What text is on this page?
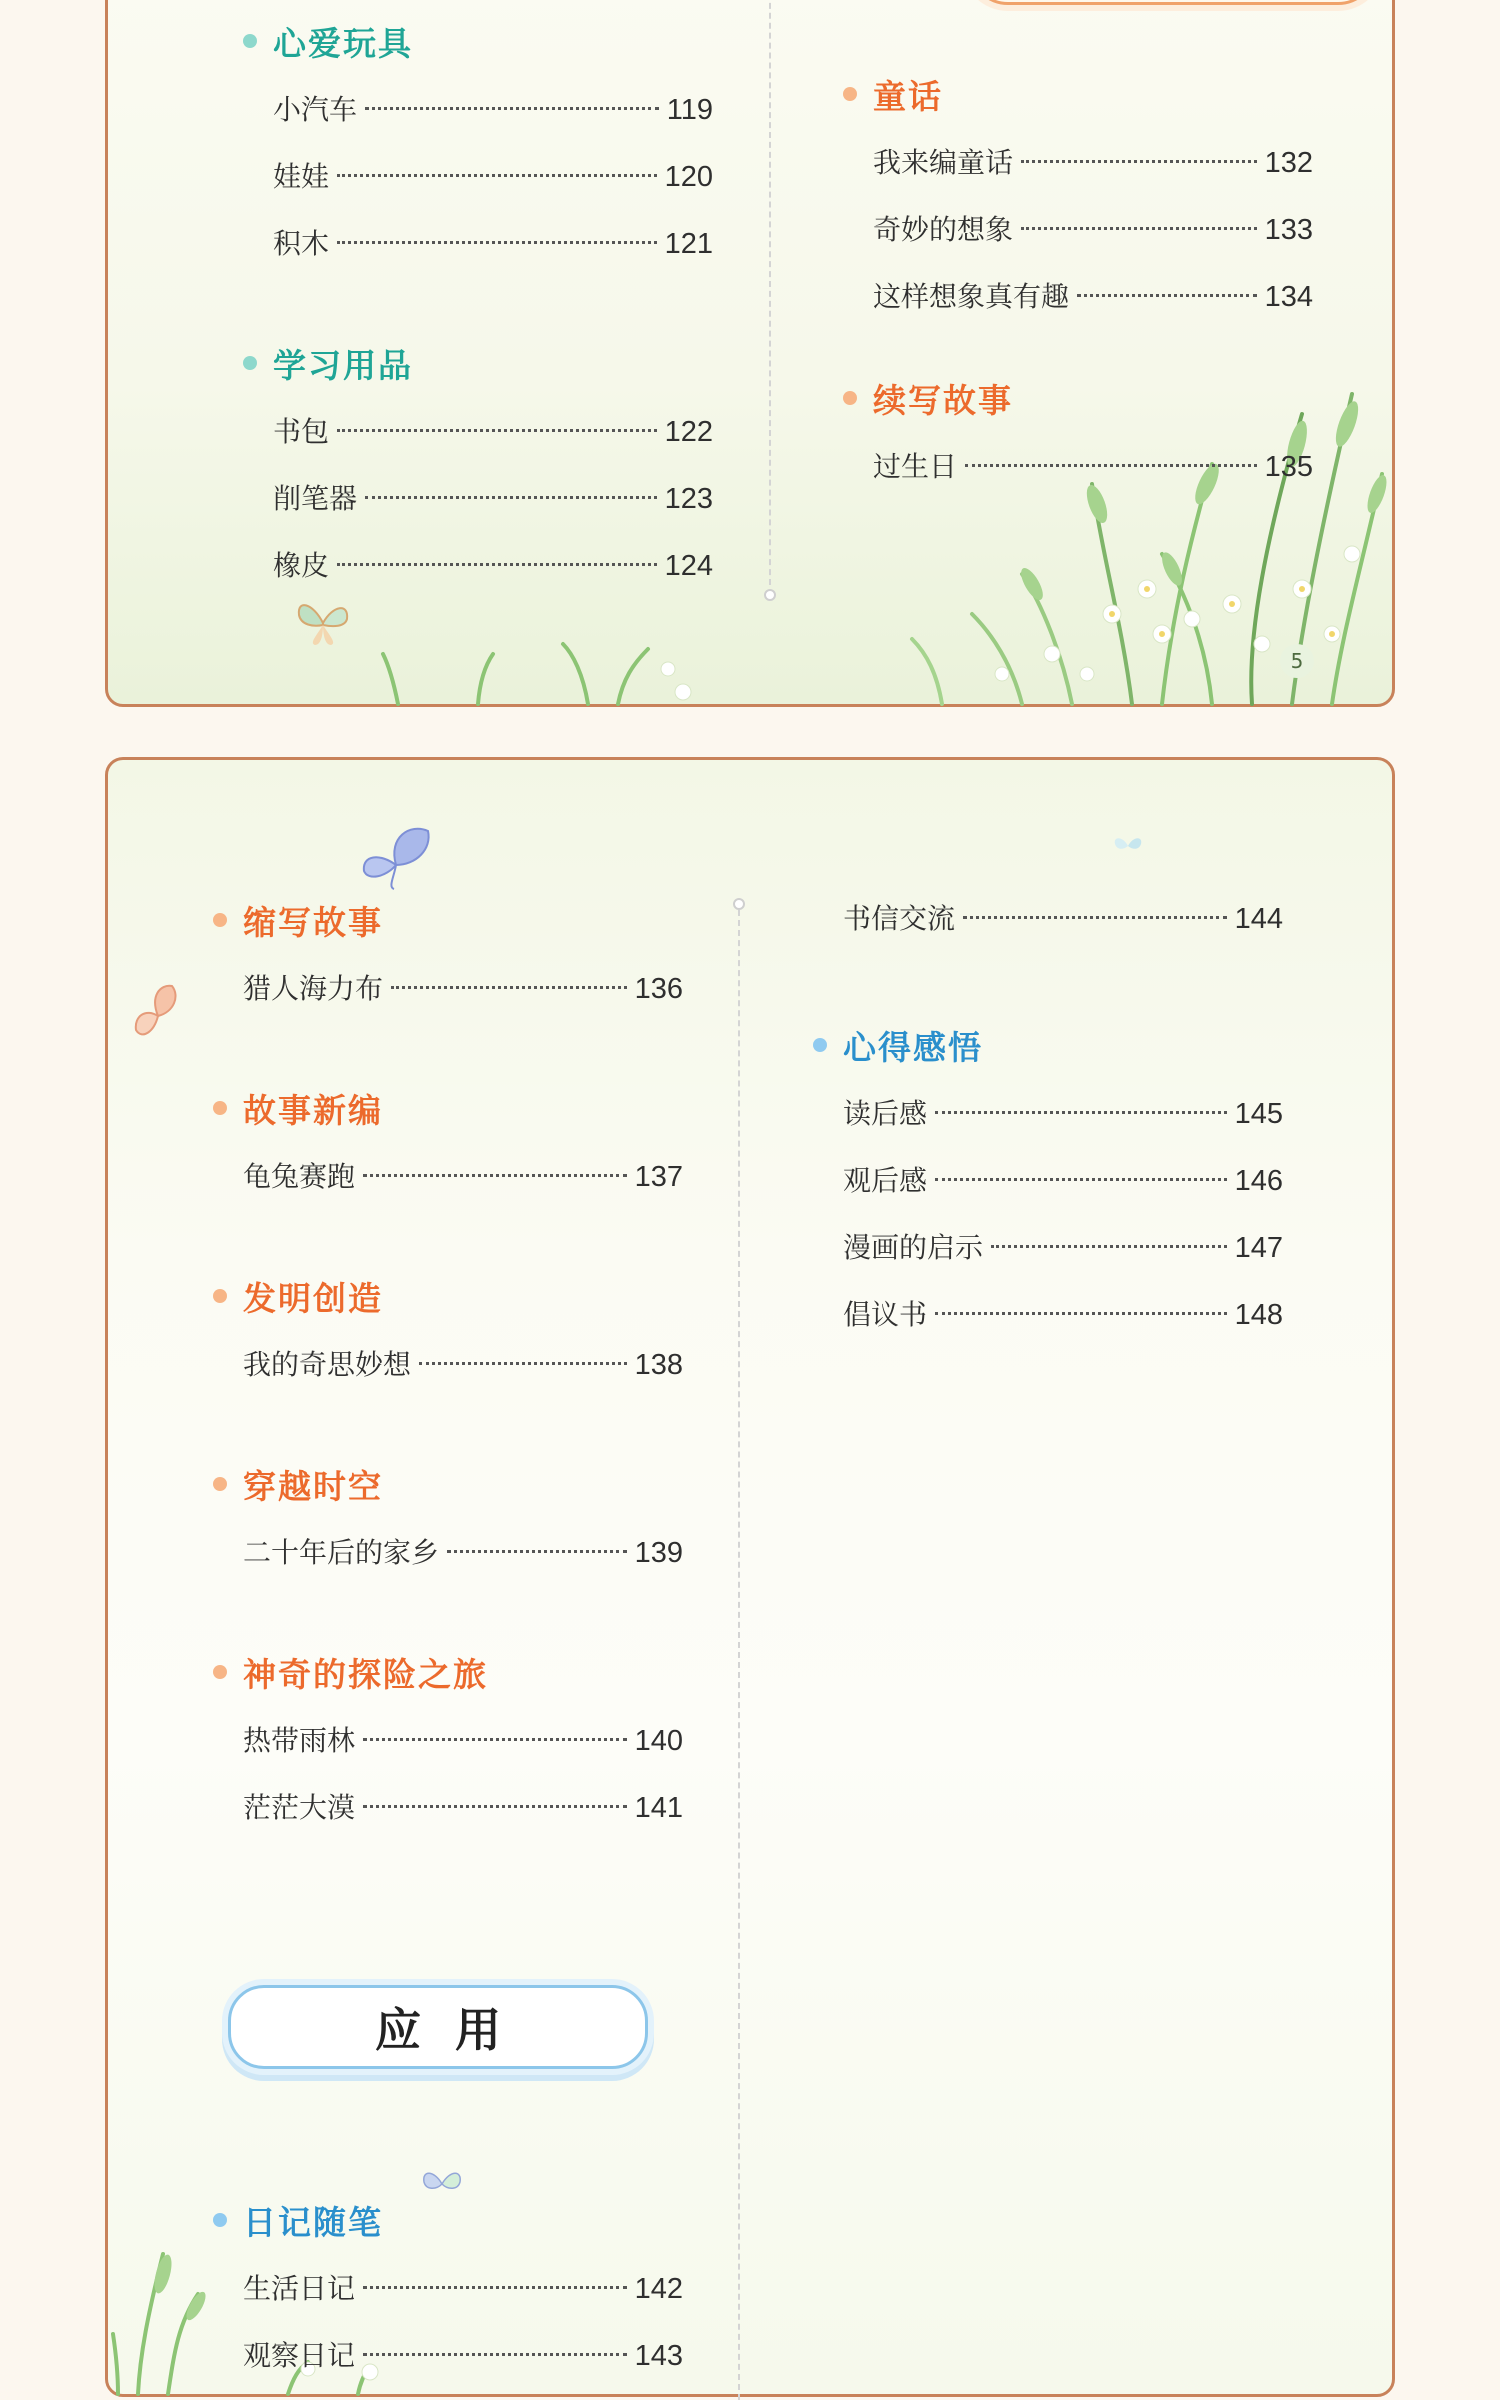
心爱玩具
小汽车	119
娃娃	120
积木	121
学习用品
书包	122
削笔器	123
橡皮	124
童话
我来编童话	132
奇妙的想象	133
这样想象真有趣	134
续写故事
过生日	135
5
应用
缩写故事
猎人海力布	136
故事新编
龟兔赛跑	137
发明创造
我的奇思妙想	138
穿越时空
二十年后的家乡	139
神奇的探险之旅
热带雨林	140
茫茫大漠	141
日记随笔
生活日记	142
观察日记	143
书信交流	144
心得感悟
读后感	145
观后感	146
漫画的启示	147
倡议书	148
